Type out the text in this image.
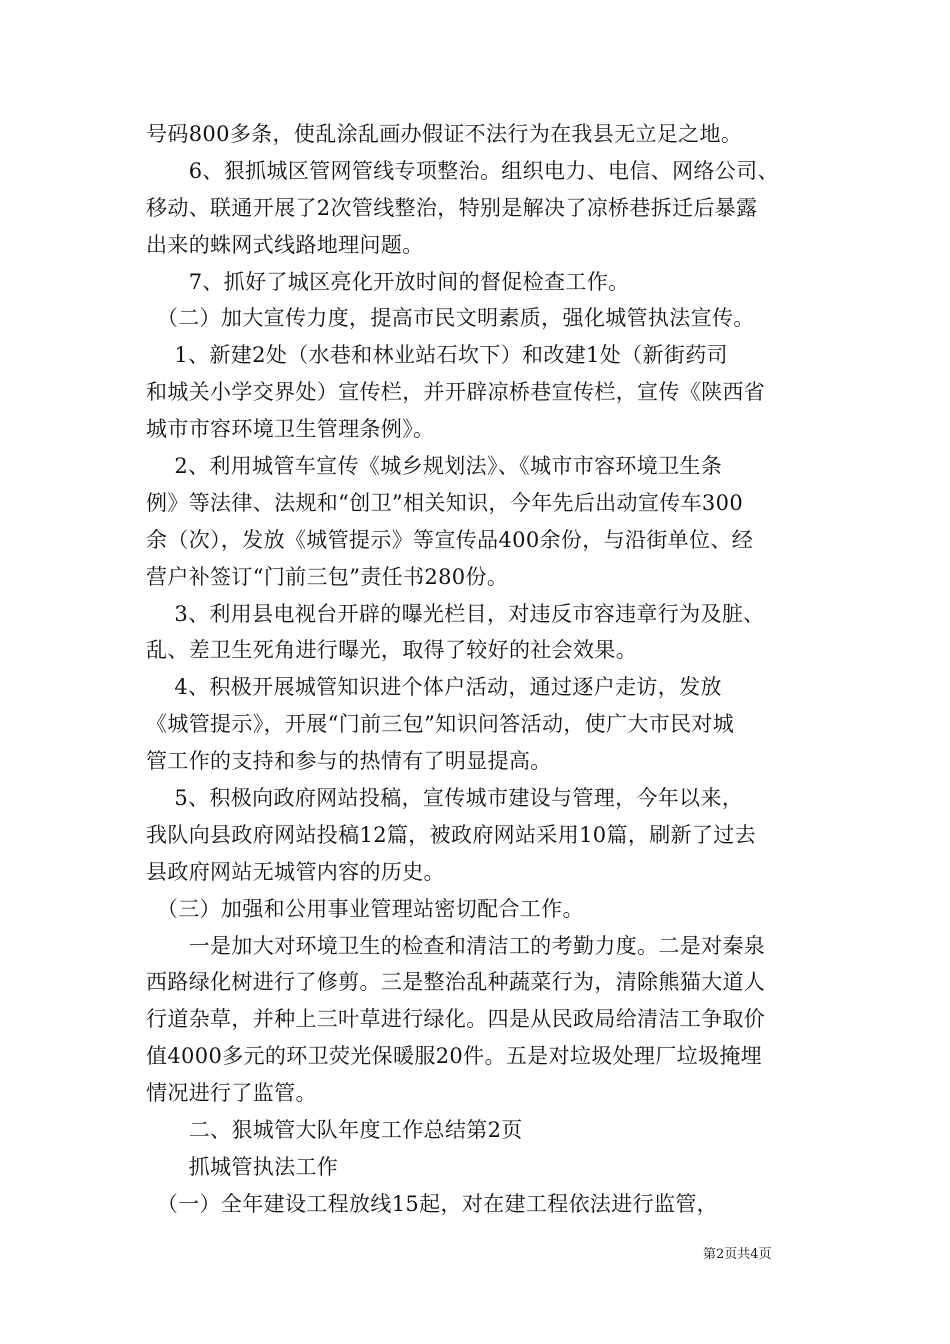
号码800多条，使乱涂乱画办假证不法行为在我县无立足之地。
　　6、狠抓城区管网管线专项整治。组织电力、电信、网络公司、
移动、联通开展了2次管线整治，特别是解决了凉桥巷拆迁后暴露
出来的蛛网式线路地理问题。
　　7、抓好了城区亮化开放时间的督促检查工作。
　（二）加大宣传力度，提高市民文明素质，强化城管执法宣传。
　 1、新建2处（水巷和林业站石坎下）和改建1处（新街药司
和城关小学交界处）宣传栏，并开辟凉桥巷宣传栏，宣传《陕西省
城市市容环境卫生管理条例》。
　 2、利用城管车宣传《城乡规划法》、《城市市容环境卫生条
例》等法律、法规和“创卫”相关知识，今年先后出动宣传车300
余（次），发放《城管提示》等宣传品400余份，与沿街单位、经
营户补签订“门前三包”责任书280份。
　 3、利用县电视台开辟的曝光栏目，对违反市容违章行为及脏、
乱、差卫生死角进行曝光，取得了较好的社会效果。
　 4、积极开展城管知识进个体户活动，通过逐户走访，发放
《城管提示》，开展“门前三包”知识问答活动，使广大市民对城
管工作的支持和参与的热情有了明显提高。
　 5、积极向政府网站投稿，宣传城市建设与管理，今年以来，
我队向县政府网站投稿12篇，被政府网站采用10篇，刷新了过去
县政府网站无城管内容的历史。
　（三）加强和公用事业管理站密切配合工作。
　　一是加大对环境卫生的检查和清洁工的考勤力度。二是对秦泉
西路绿化树进行了修剪。三是整治乱种蔬菜行为，清除熊猫大道人
行道杂草，并种上三叶草进行绿化。四是从民政局给清洁工争取价
值4000多元的环卫荧光保暖服20件。五是对垃圾处理厂垃圾掩埋
情况进行了监管。
　　二、狠城管大队年度工作总结第2页
　　抓城管执法工作
　（一）全年建设工程放线15起，对在建工程依法进行监管，
第2页共4页
